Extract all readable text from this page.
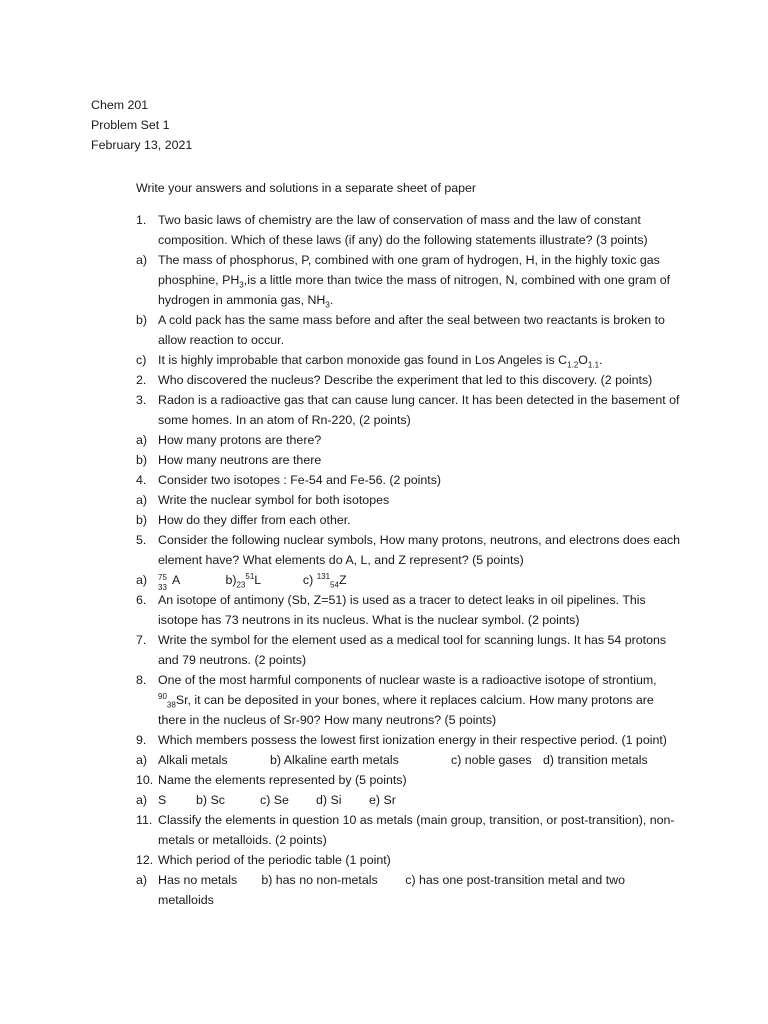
Chem 201
Problem Set 1
February 13, 2021
Write your answers and solutions in a separate sheet of paper
1. Two basic laws of chemistry are the law of conservation of mass and the law of constant composition. Which of these laws (if any) do the following statements illustrate? (3 points)
a) The mass of phosphorus, P, combined with one gram of hydrogen, H, in the highly toxic gas phosphine, $PH_3,is$ a little more than twice the mass of nitrogen, N, combined with one gram of hydrogen in ammonia gas, $NH_3$.
b) A cold pack has the same mass before and after the seal between two reactants is broken to allow reaction to occur.
c) It is highly improbable that carbon monoxide gas found in Los Angeles is $C_{1.2}O_{1.1}$.
2. Who discovered the nucleus? Describe the experiment that led to this discovery. (2 points)
3. Radon is a radioactive gas that can cause lung cancer. It has been detected in the basement of some homes. In an atom of Rn-220, (2 points)
a) How many protons are there?
b) How many neutrons are there
4. Consider two isotopes : Fe-54 and Fe-56. (2 points)
a) Write the nuclear symbol for both isotopes
b) How do they differ from each other.
5. Consider the following nuclear symbols, How many protons, neutrons, and electrons does each element have? What elements do A, L, and Z represent? (5 points)
a)	75
33
A	$b)_{23}^{51}L$	c) $^{131}_{54}$Z
6. An isotope of antimony (Sb, Z=51) is used as a tracer to detect leaks in oil pipelines. This isotope has 73 neutrons in its nucleus. What is the nuclear symbol. (2 points)
7. Write the symbol for the element used as a medical tool for scanning lungs. It has 54 protons and 79 neutrons. (2 points)
8. One of the most harmful components of nuclear waste is a radioactive isotope of strontium,
$^{90}_{38}$Sr, it can be deposited in your bones, where it replaces calcium. How many protons are there in the nucleus of Sr-90? How many neutrons? (5 points)
9. Which members possess the lowest first ionization energy in their respective period. (1 point)
a) Alkali metals	b) Alkaline earth metals	c) noble gases d) transition metals
10. Name the elements represented by (5 points)
a) S b) Sc	c) Se d) Si e) Sr
11. Classify the elements in question 10 as metals (main group, transition, or post-transition), non-metals or metalloids. (2 points)
12. Which period of the periodic table (1 point)
a) Has no metals b) has no non-metals c) has one post-transition metal and two metalloids
